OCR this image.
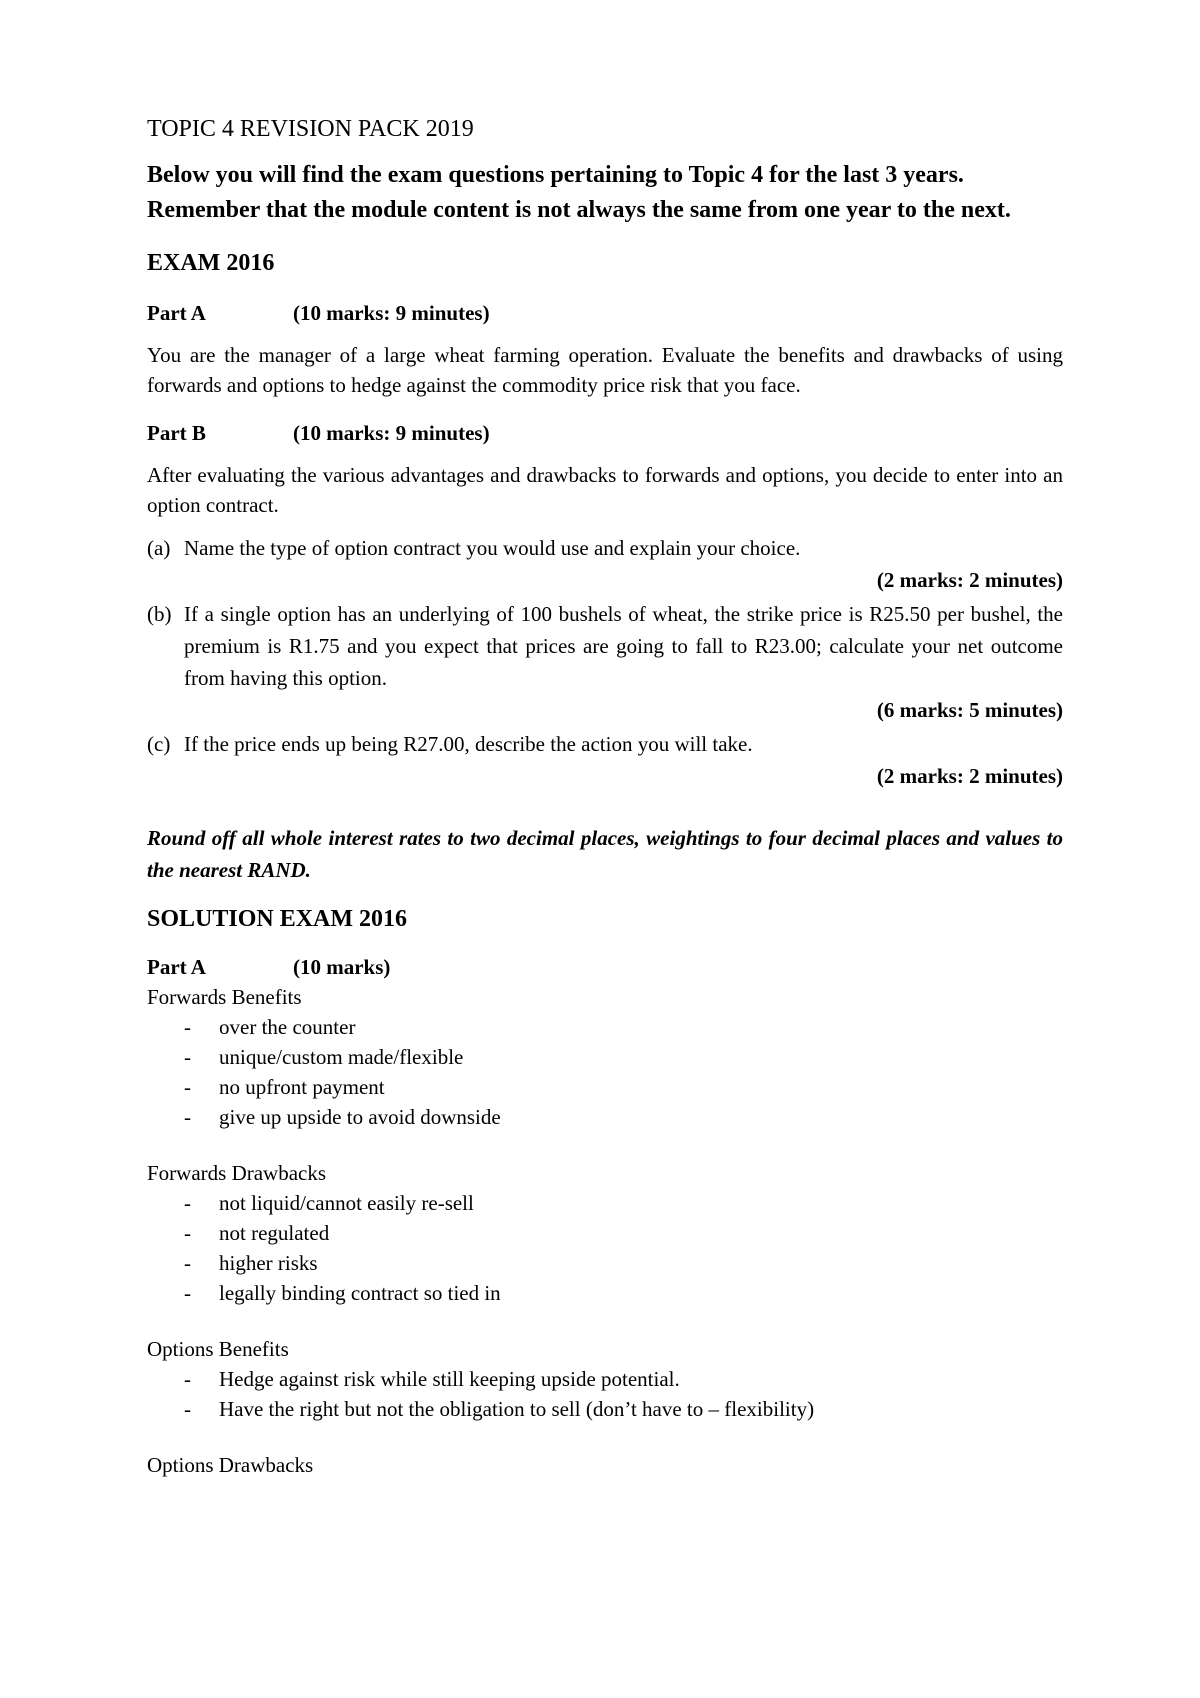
TOPIC 4 REVISION PACK 2019

Below you will find the exam questions pertaining to Topic 4 for the last 3 years. Remember that the module content is not always the same from one year to the next.

EXAM 2016

Part A	(10 marks: 9 minutes)

You are the manager of a large wheat farming operation. Evaluate the benefits and drawbacks of using forwards and options to hedge against the commodity price risk that you face.

Part B	(10 marks: 9 minutes)

After evaluating the various advantages and drawbacks to forwards and options, you decide to enter into an option contract.

(a) Name the type of option contract you would use and explain your choice.

(2 marks: 2 minutes)

(b) If a single option has an underlying of 100 bushels of wheat, the strike price is R25.50 per bushel, the premium is R1.75 and you expect that prices are going to fall to R23.00; calculate your net outcome from having this option.

(6 marks: 5 minutes)

(c) If the price ends up being R27.00, describe the action you will take.

(2 marks: 2 minutes)

Round off all whole interest rates to two decimal places, weightings to four decimal places and values to the nearest RAND.

SOLUTION EXAM 2016

Part A	(10 marks)

Forwards Benefits

- over the counter
- unique/custom made/flexible
- no upfront payment
- give up upside to avoid downside

Forwards Drawbacks

- not liquid/cannot easily re-sell
- not regulated
- higher risks
- legally binding contract so tied in

Options Benefits

- Hedge against risk while still keeping upside potential.
- Have the right but not the obligation to sell (don’t have to – flexibility)

Options Drawbacks
